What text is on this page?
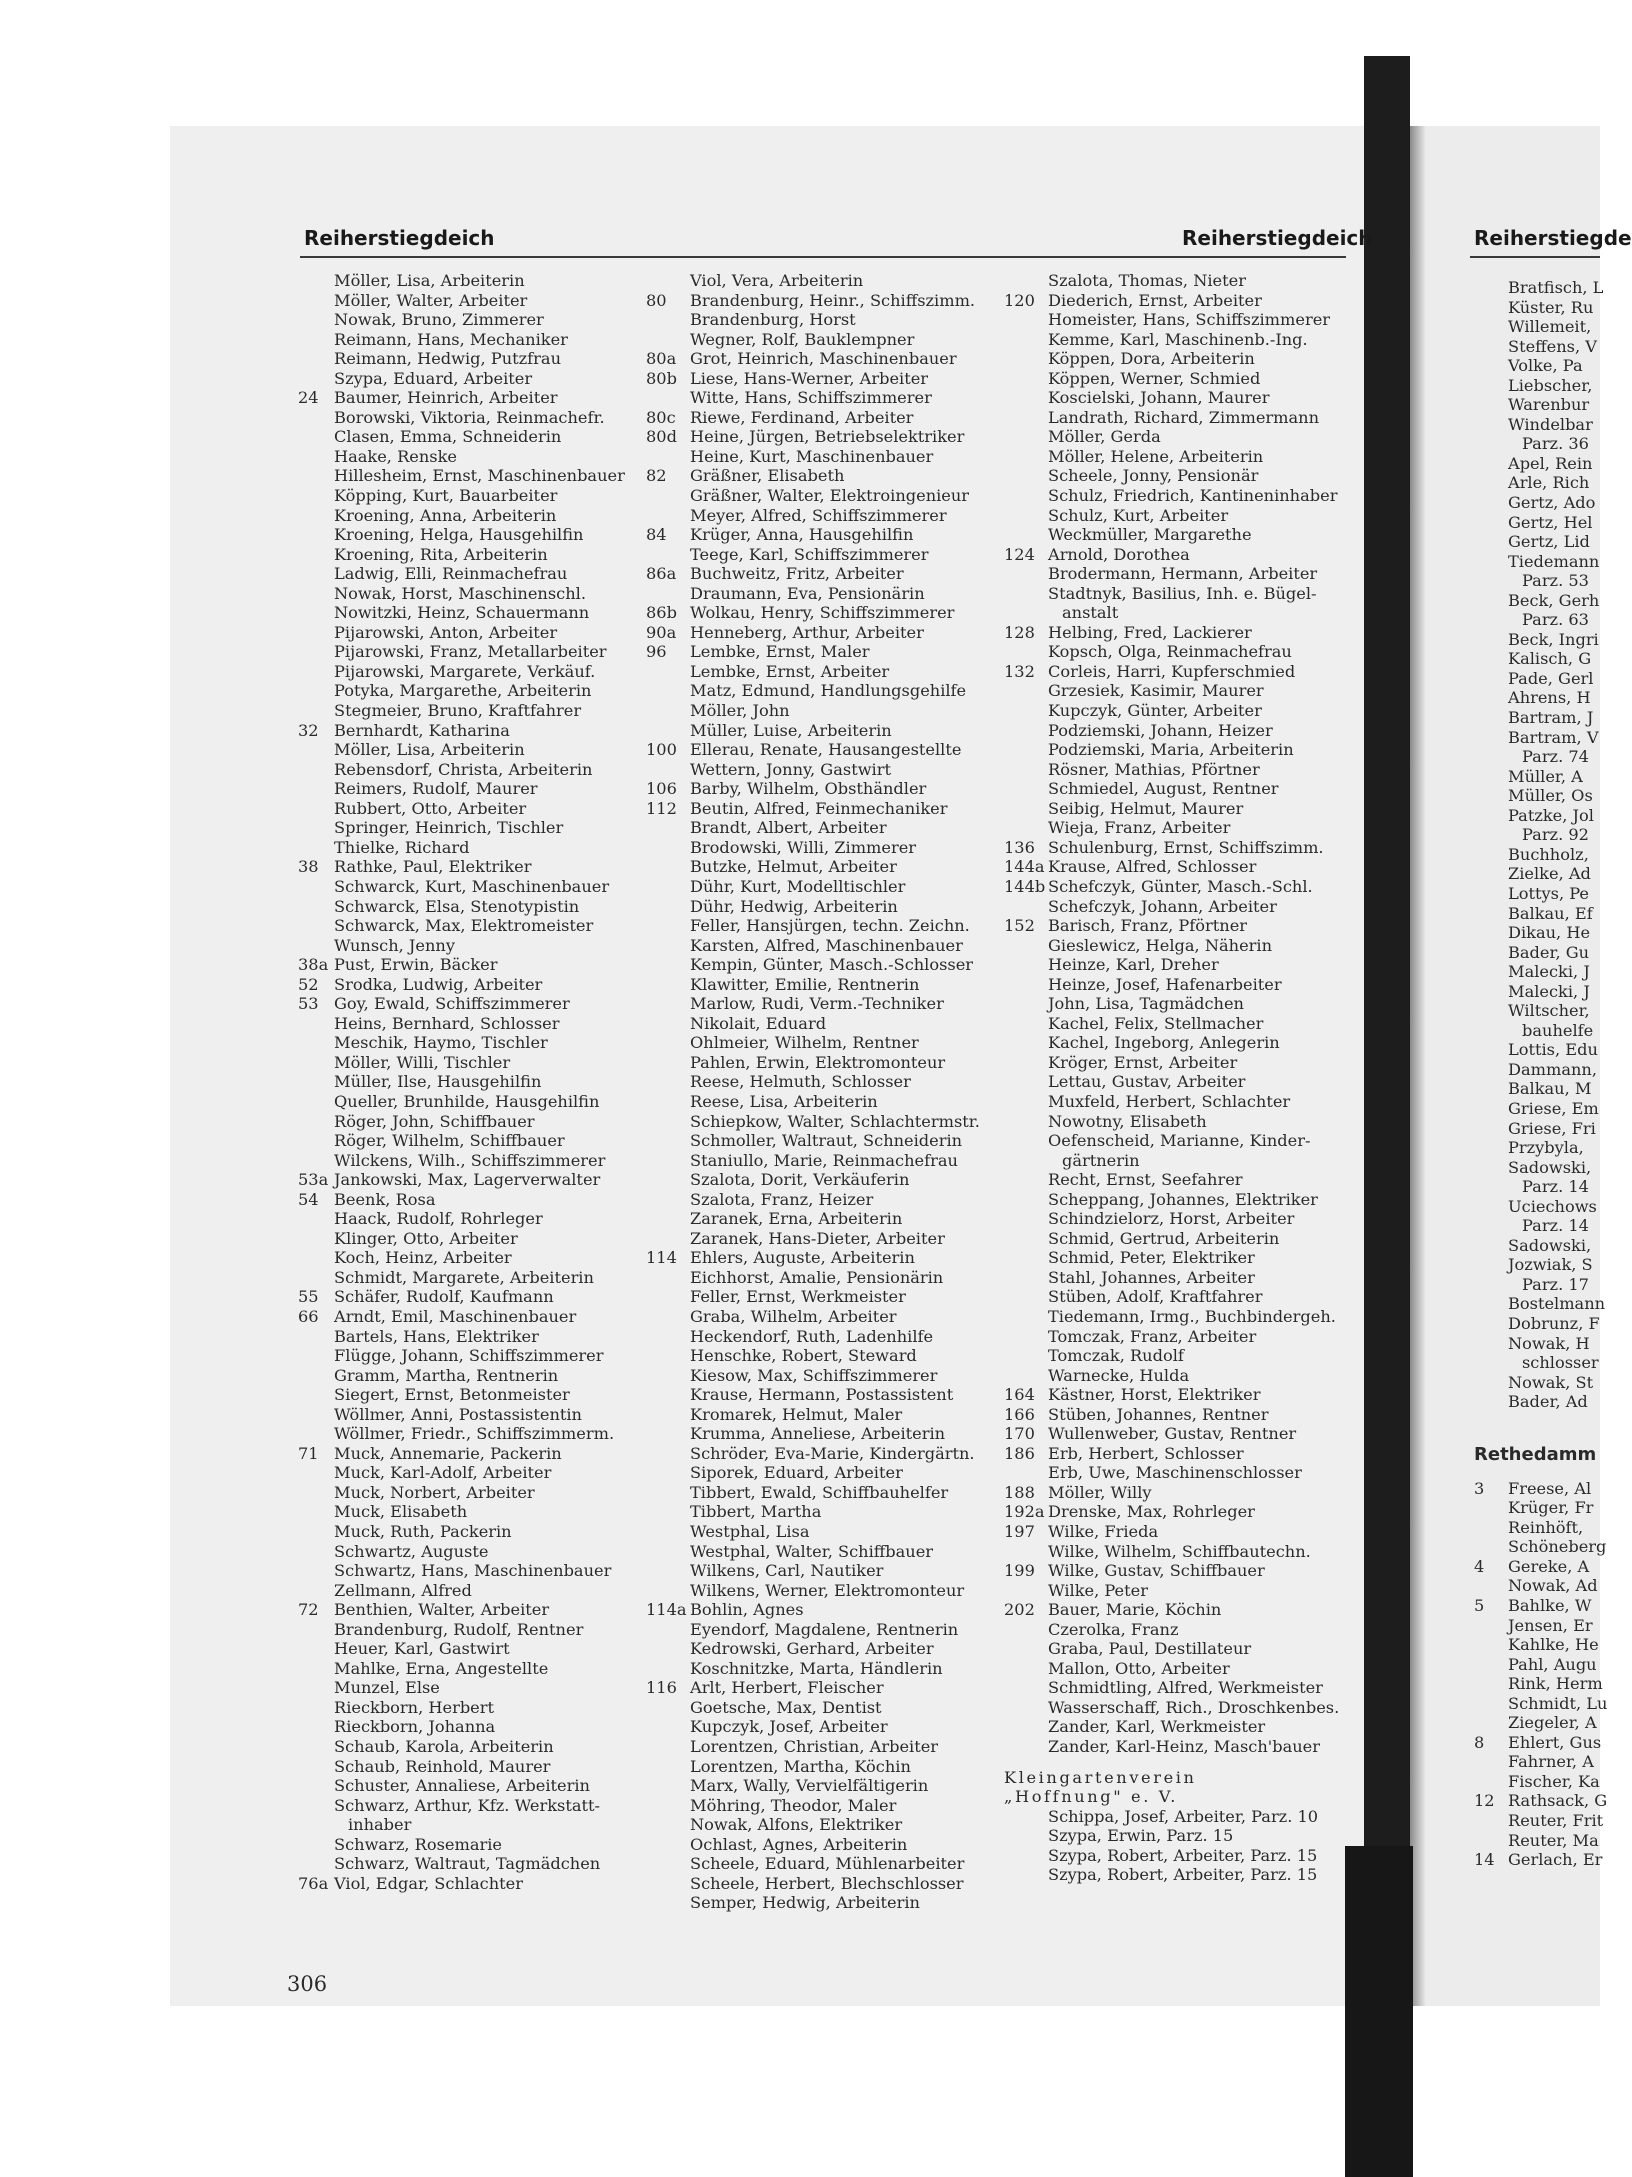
Reiherstiegdeich	Reiherstiegdeich	Reiherstiegde
Möller, Lisa, Arbeiterin
Möller, Walter, Arbeiter
Nowak, Bruno, Zimmerer
Reimann, Hans, Mechaniker
Reimann, Hedwig, Putzfrau
Szypa, Eduard, Arbeiter
24 Baumer, Heinrich, Arbeiter
Borowski, Viktoria, Reinmachefr.
Clasen, Emma, Schneiderin
Haake, Renske
Hillesheim, Ernst, Maschinenbauer
Köpping, Kurt, Bauarbeiter
Kroening, Anna, Arbeiterin
Kroening, Helga, Hausgehilfin
Kroening, Rita, Arbeiterin
Ladwig, Elli, Reinmachefrau
Nowak, Horst, Maschinenschl.
Nowitzki, Heinz, Schauermann
Pijarowski, Anton, Arbeiter
Pijarowski, Franz, Metallarbeiter
Pijarowski, Margarete, Verkäuf.
Potyka, Margarethe, Arbeiterin
Stegmeier, Bruno, Kraftfahrer
32 Bernhardt, Katharina
Möller, Lisa, Arbeiterin
Rebensdorf, Christa, Arbeiterin
Reimers, Rudolf, Maurer
Rubbert, Otto, Arbeiter
Springer, Heinrich, Tischler
Thielke, Richard
38 Rathke, Paul, Elektriker
Schwarck, Kurt, Maschinenbauer
Schwarck, Elsa, Stenotypistin
Schwarck, Max, Elektromeister
Wunsch, Jenny
38a Pust, Erwin, Bäcker
52 Srodka, Ludwig, Arbeiter
53 Goy, Ewald, Schiffszimmerer
Heins, Bernhard, Schlosser
Meschik, Haymo, Tischler
Möller, Willi, Tischler
Müller, Ilse, Hausgehilfin
Queller, Brunhilde, Hausgehilfin
Röger, John, Schiffbauer
Röger, Wilhelm, Schiffbauer
Wilckens, Wilh., Schiffszimmerer
53a Jankowski, Max, Lagerverwalter
54 Beenk, Rosa
Haack, Rudolf, Rohrleger
Klinger, Otto, Arbeiter
Koch, Heinz, Arbeiter
Schmidt, Margarete, Arbeiterin
55 Schäfer, Rudolf, Kaufmann
66 Arndt, Emil, Maschinenbauer
Bartels, Hans, Elektriker
Flügge, Johann, Schiffszimmerer
Gramm, Martha, Rentnerin
Siegert, Ernst, Betonmeister
Wöllmer, Anni, Postassistentin
Wöllmer, Friedr., Schiffszimmerm.
71 Muck, Annemarie, Packerin
Muck, Karl-Adolf, Arbeiter
Muck, Norbert, Arbeiter
Muck, Elisabeth
Muck, Ruth, Packerin
Schwartz, Auguste
Schwartz, Hans, Maschinenbauer
Zellmann, Alfred
72 Benthien, Walter, Arbeiter
Brandenburg, Rudolf, Rentner
Heuer, Karl, Gastwirt
Mahlke, Erna, Angestellte
Munzel, Else
Rieckborn, Herbert
Rieckborn, Johanna
Schaub, Karola, Arbeiterin
Schaub, Reinhold, Maurer
Schuster, Annaliese, Arbeiterin
Schwarz, Arthur, Kfz. Werkstatt-
inhaber
Schwarz, Rosemarie
Schwarz, Waltraut, Tagmädchen
76a Viol, Edgar, Schlachter
Viol, Vera, Arbeiterin
80 Brandenburg, Heinr., Schiffszimm.
Brandenburg, Horst
Wegner, Rolf, Bauklempner
80a Grot, Heinrich, Maschinenbauer
80b Liese, Hans-Werner, Arbeiter
Witte, Hans, Schiffszimmerer
80c Riewe, Ferdinand, Arbeiter
80d Heine, Jürgen, Betriebselektriker
Heine, Kurt, Maschinenbauer
82 Gräßner, Elisabeth
Gräßner, Walter, Elektroingenieur
Meyer, Alfred, Schiffszimmerer
84 Krüger, Anna, Hausgehilfin
Teege, Karl, Schiffszimmerer
86a Buchweitz, Fritz, Arbeiter
Draumann, Eva, Pensionärin
86b Wolkau, Henry, Schiffszimmerer
90a Henneberg, Arthur, Arbeiter
96 Lembke, Ernst, Maler
Lembke, Ernst, Arbeiter
Matz, Edmund, Handlungsgehilfe
Möller, John
Müller, Luise, Arbeiterin
100 Ellerau, Renate, Hausangestellte
Wettern, Jonny, Gastwirt
106 Barby, Wilhelm, Obsthändler
112 Beutin, Alfred, Feinmechaniker
Brandt, Albert, Arbeiter
Brodowski, Willi, Zimmerer
Butzke, Helmut, Arbeiter
Dühr, Kurt, Modelltischler
Dühr, Hedwig, Arbeiterin
Feller, Hansjürgen, techn. Zeichn.
Karsten, Alfred, Maschinenbauer
Kempin, Günter, Masch.-Schlosser
Klawitter, Emilie, Rentnerin
Marlow, Rudi, Verm.-Techniker
Nikolait, Eduard
Ohlmeier, Wilhelm, Rentner
Pahlen, Erwin, Elektromonteur
Reese, Helmuth, Schlosser
Reese, Lisa, Arbeiterin
Schiepkow, Walter, Schlachtermstr.
Schmoller, Waltraut, Schneiderin
Staniullo, Marie, Reinmachefrau
Szalota, Dorit, Verkäuferin
Szalota, Franz, Heizer
Zaranek, Erna, Arbeiterin
Zaranek, Hans-Dieter, Arbeiter
114 Ehlers, Auguste, Arbeiterin
Eichhorst, Amalie, Pensionärin
Feller, Ernst, Werkmeister
Graba, Wilhelm, Arbeiter
Heckendorf, Ruth, Ladenhilfe
Henschke, Robert, Steward
Kiesow, Max, Schiffszimmerer
Krause, Hermann, Postassistent
Kromarek, Helmut, Maler
Krumma, Anneliese, Arbeiterin
Schröder, Eva-Marie, Kindergärtn.
Siporek, Eduard, Arbeiter
Tibbert, Ewald, Schiffbauhelfer
Tibbert, Martha
Westphal, Lisa
Westphal, Walter, Schiffbauer
Wilkens, Carl, Nautiker
Wilkens, Werner, Elektromonteur
114a Bohlin, Agnes
Eyendorf, Magdalene, Rentnerin
Kedrowski, Gerhard, Arbeiter
Koschnitzke, Marta, Händlerin
116 Arlt, Herbert, Fleischer
Goetsche, Max, Dentist
Kupczyk, Josef, Arbeiter
Lorentzen, Christian, Arbeiter
Lorentzen, Martha, Köchin
Marx, Wally, Vervielfältigerin
Möhring, Theodor, Maler
Nowak, Alfons, Elektriker
Ochlast, Agnes, Arbeiterin
Scheele, Eduard, Mühlenarbeiter
Scheele, Herbert, Blechschlosser
Semper, Hedwig, Arbeiterin
Szalota, Thomas, Nieter
120 Diederich, Ernst, Arbeiter
Homeister, Hans, Schiffszimmerer
Kemme, Karl, Maschinenb.-Ing.
Köppen, Dora, Arbeiterin
Köppen, Werner, Schmied
Koscielski, Johann, Maurer
Landrath, Richard, Zimmermann
Möller, Gerda
Möller, Helene, Arbeiterin
Scheele, Jonny, Pensionär
Schulz, Friedrich, Kantineninhaber
Schulz, Kurt, Arbeiter
Weckmüller, Margarethe
124 Arnold, Dorothea
Brodermann, Hermann, Arbeiter
Stadtnyk, Basilius, Inh. e. Bügel-
anstalt
128 Helbing, Fred, Lackierer
Kopsch, Olga, Reinmachefrau
132 Corleis, Harri, Kupferschmied
Grzesiek, Kasimir, Maurer
Kupczyk, Günter, Arbeiter
Podziemski, Johann, Heizer
Podziemski, Maria, Arbeiterin
Rösner, Mathias, Pförtner
Schmiedel, August, Rentner
Seibig, Helmut, Maurer
Wieja, Franz, Arbeiter
136 Schulenburg, Ernst, Schiffszimm.
144a Krause, Alfred, Schlosser
144b Schefczyk, Günter, Masch.-Schl.
Schefczyk, Johann, Arbeiter
152 Barisch, Franz, Pförtner
Gieslewicz, Helga, Näherin
Heinze, Karl, Dreher
Heinze, Josef, Hafenarbeiter
John, Lisa, Tagmädchen
Kachel, Felix, Stellmacher
Kachel, Ingeborg, Anlegerin
Kröger, Ernst, Arbeiter
Lettau, Gustav, Arbeiter
Muxfeld, Herbert, Schlachter
Nowotny, Elisabeth
Oefenscheid, Marianne, Kinder-
gärtnerin
Recht, Ernst, Seefahrer
Scheppang, Johannes, Elektriker
Schindzielorz, Horst, Arbeiter
Schmid, Gertrud, Arbeiterin
Schmid, Peter, Elektriker
Stahl, Johannes, Arbeiter
Stüben, Adolf, Kraftfahrer
Tiedemann, Irmg., Buchbindergeh.
Tomczak, Franz, Arbeiter
Tomczak, Rudolf
Warnecke, Hulda
164 Kästner, Horst, Elektriker
166 Stüben, Johannes, Rentner
170 Wullenweber, Gustav, Rentner
186 Erb, Herbert, Schlosser
Erb, Uwe, Maschinenschlosser
188 Möller, Willy
192a Drenske, Max, Rohrleger
197 Wilke, Frieda
Wilke, Wilhelm, Schiffbautechn.
199 Wilke, Gustav, Schiffbauer
Wilke, Peter
202 Bauer, Marie, Köchin
Czerolka, Franz
Graba, Paul, Destillateur
Mallon, Otto, Arbeiter
Schmidtling, Alfred, Werkmeister
Wasserschaff, Rich., Droschkenbes.
Zander, Karl, Werkmeister
Zander, Karl-Heinz, Masch'bauer
Kleingartenverein
„Hoffnung" e. V.
Schippa, Josef, Arbeiter, Parz. 10
Szypa, Erwin, Parz. 15
Szypa, Robert, Arbeiter, Parz. 15
Szypa, Robert, Arbeiter, Parz. 15
Bratfisch, L
Küster, Ru
Willemeit,
Steffens, V
Volke, Pa
Liebscher,
Warenbur
Windelbar
Parz. 36
Apel, Rein
Arle, Rich
Gertz, Ado
Gertz, Hel
Gertz, Lid
Tiedemann
Parz. 53
Beck, Gerh
Parz. 63
Beck, Ingri
Kalisch, G
Pade, Gerl
Ahrens, H
Bartram, J
Bartram, V
Parz. 74
Müller, A
Müller, Os
Patzke, Jol
Parz. 92
Buchholz,
Zielke, Ad
Lottys, Pe
Balkau, Ef
Dikau, He
Bader, Gu
Malecki, J
Malecki, J
Wiltscher,
bauhelfe
Lottis, Edu
Dammann,
Balkau, M
Griese, Em
Griese, Fri
Przybyla,
Sadowski,
Parz. 14
Uciechows
Parz. 14
Sadowski,
Jozwiak, S
Parz. 17
Bostelmann
Dobrunz, F
Nowak, H
schlosser
Nowak, St
Bader, Ad
Rethedamm
3 Freese, Al
Krüger, Fr
Reinhöft,
Schöneberg
4 Gereke, A
Nowak, Ad
5 Bahlke, W
Jensen, Er
Kahlke, He
Pahl, Augu
Rink, Herm
Schmidt, Lu
Ziegeler, A
8 Ehlert, Gus
Fahrner, A
Fischer, Ka
12 Rathsack, G
Reuter, Frit
Reuter, Ma
14 Gerlach, Er
306
